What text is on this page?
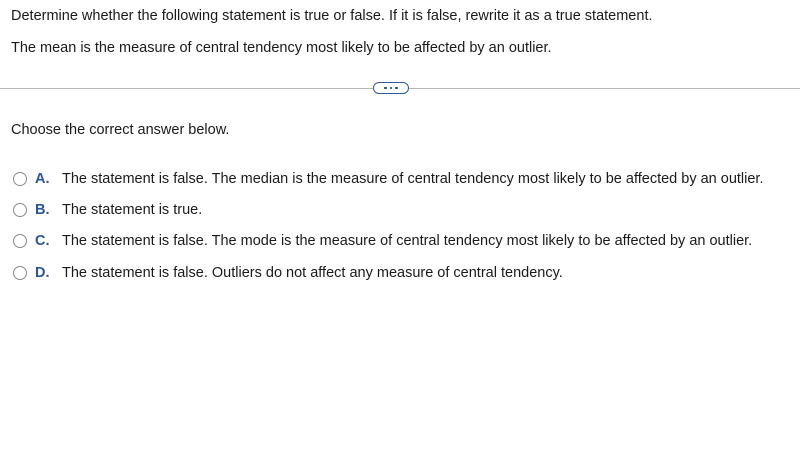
Determine whether the following statement is true or false. If it is false, rewrite it as a true statement.

The mean is the measure of central tendency most likely to be affected by an outlier.

Choose the correct answer below.

A. The statement is false. The median is the measure of central tendency most likely to be affected by an outlier.
B. The statement is true.
C. The statement is false. The mode is the measure of central tendency most likely to be affected by an outlier.
D. The statement is false. Outliers do not affect any measure of central tendency.
